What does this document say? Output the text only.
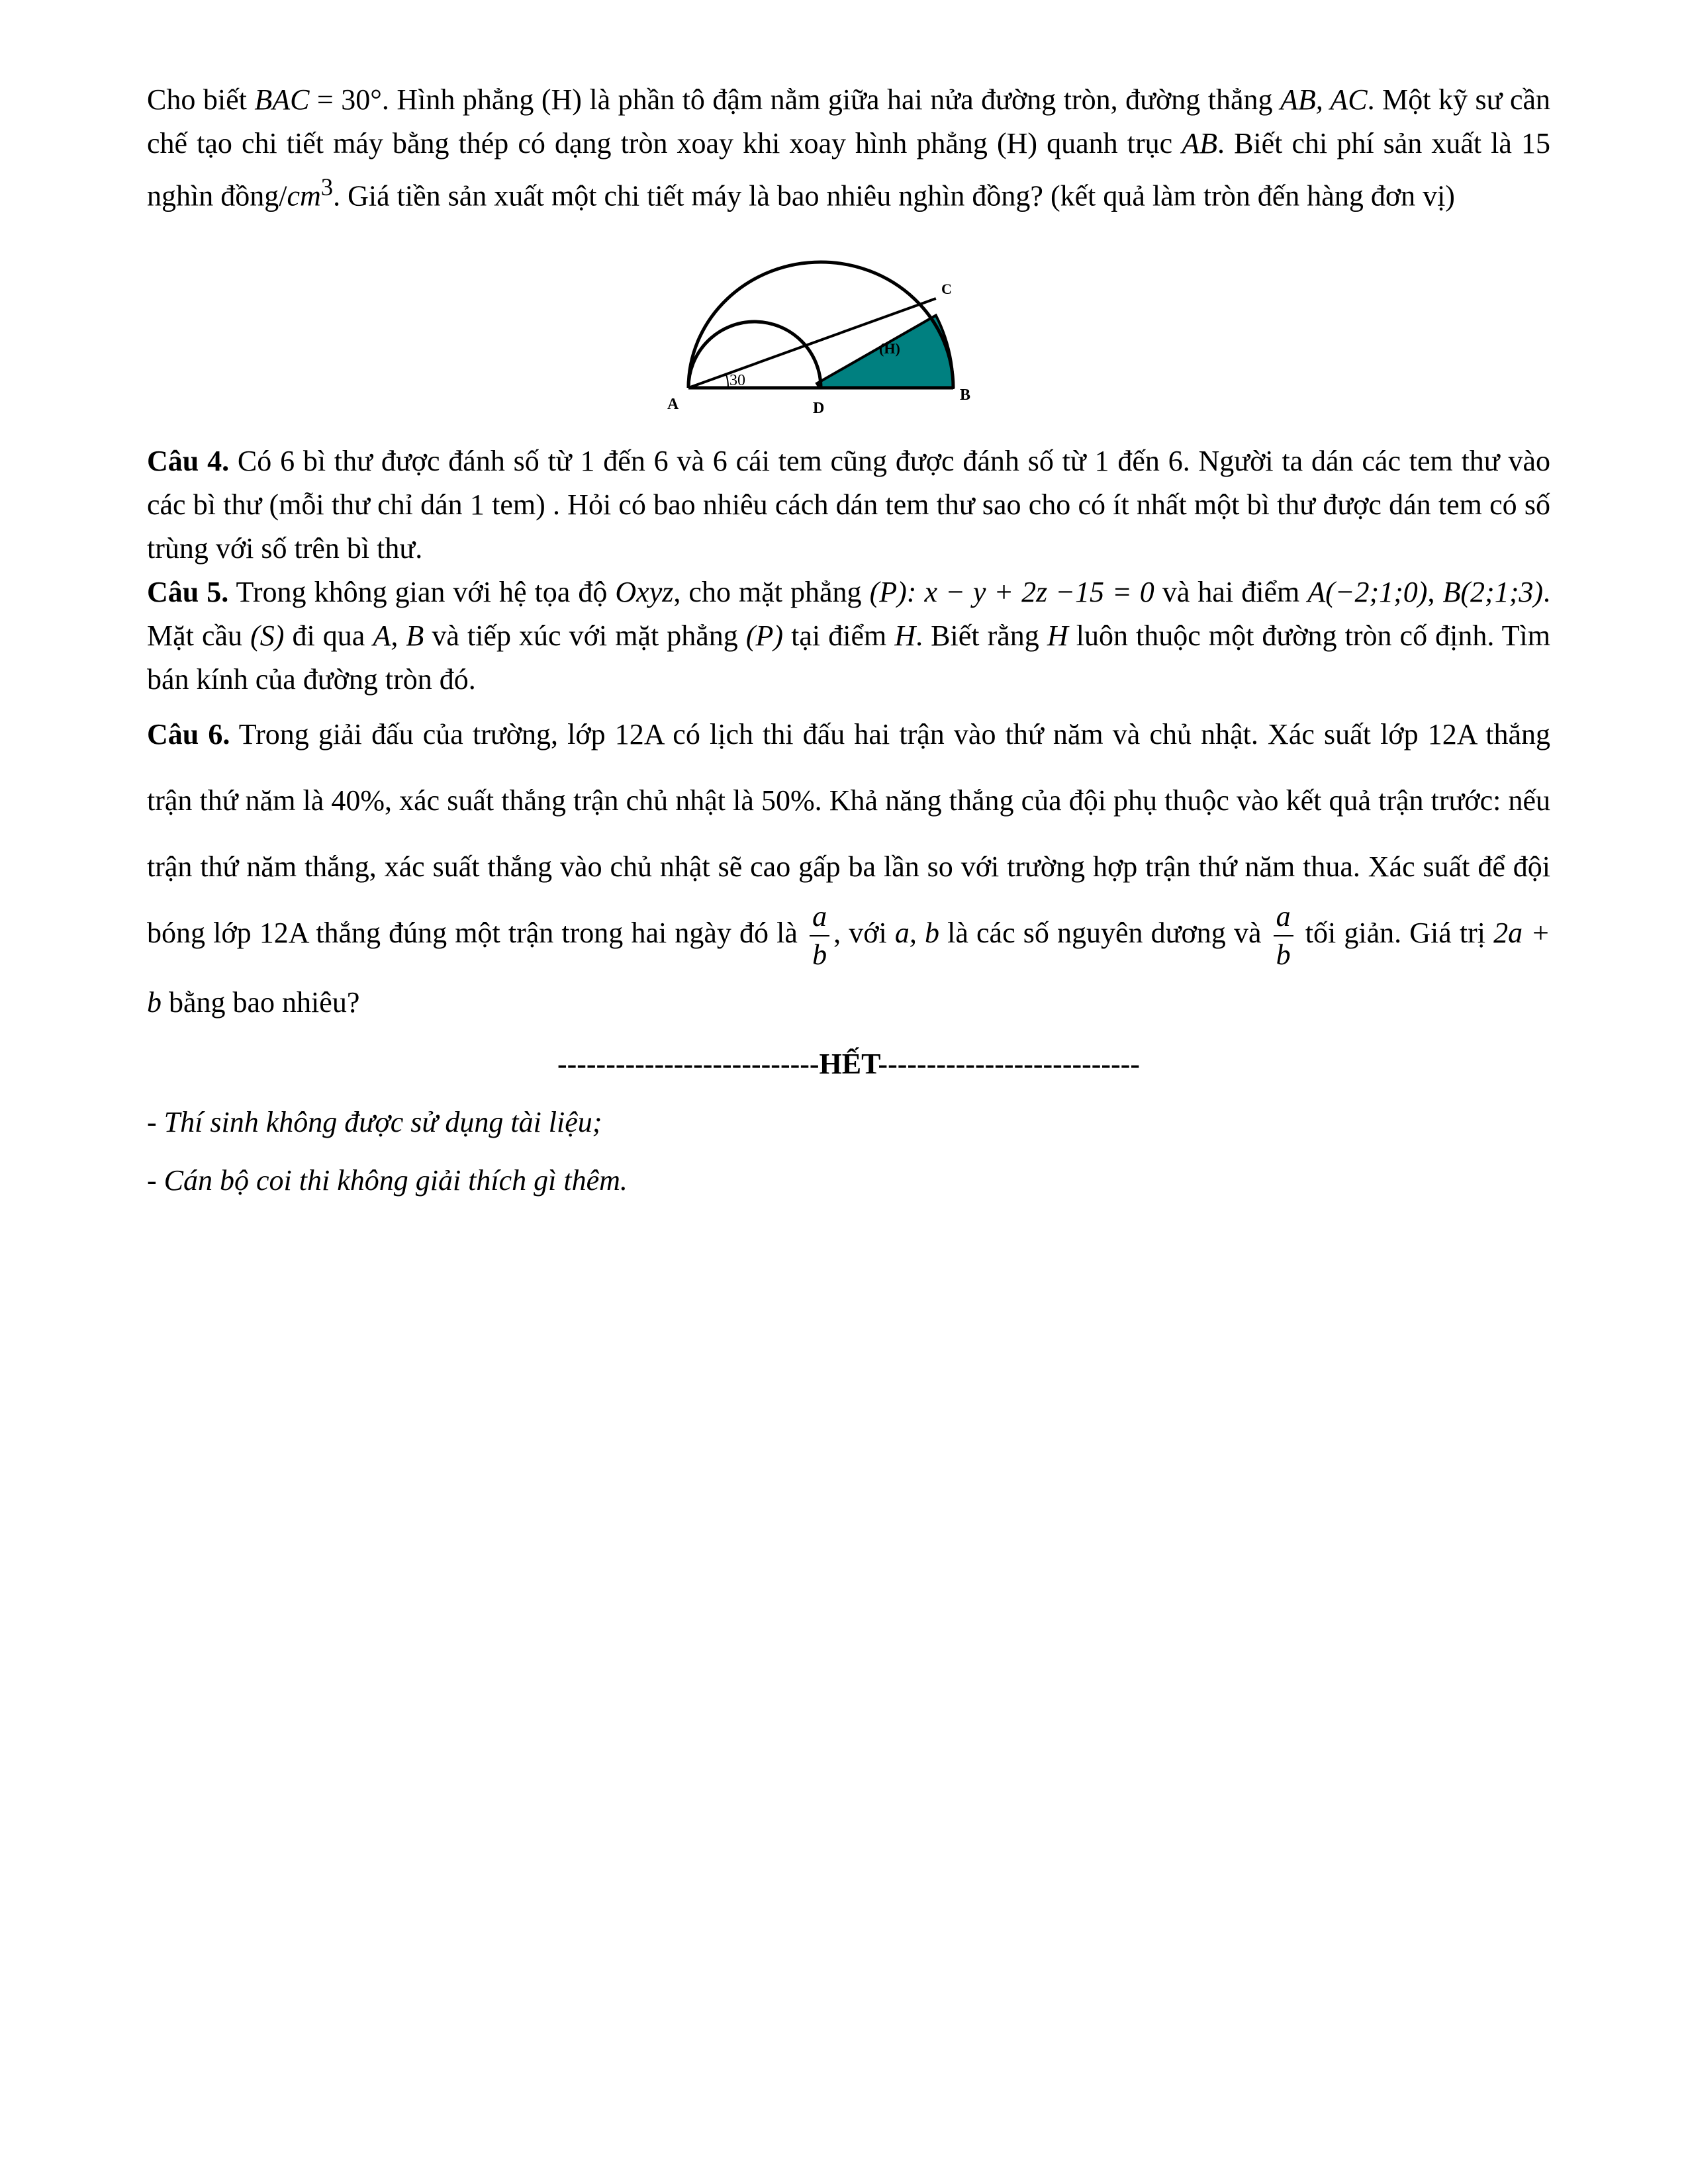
Cho biết BAC = 30°. Hình phẳng (H) là phần tô đậm nằm giữa hai nửa đường tròn, đường thẳng AB, AC. Một kỹ sư cần chế tạo chi tiết máy bằng thép có dạng tròn xoay khi xoay hình phẳng (H) quanh trục AB. Biết chi phí sản xuất là 15 nghìn đồng/$cm^3$. Giá tiền sản xuất một chi tiết máy là bao nhiêu nghìn đồng? (kết quả làm tròn đến hàng đơn vị)

A
B
C
D
(H)
30

Câu 4. Có 6 bì thư được đánh số từ 1 đến 6 và 6 cái tem cũng được đánh số từ 1 đến 6. Người ta dán các tem thư vào các bì thư (mỗi thư chỉ dán 1 tem) . Hỏi có bao nhiêu cách dán tem thư sao cho có ít nhất một bì thư được dán tem có số trùng với số trên bì thư.

Câu 5. Trong không gian với hệ tọa độ Oxyz, cho mặt phẳng (P): x − y + 2z −15 = 0 và hai điểm A(−2;1;0), B(2;1;3). Mặt cầu (S) đi qua A, B và tiếp xúc với mặt phẳng (P) tại điểm H. Biết rằng H luôn thuộc một đường tròn cố định. Tìm bán kính của đường tròn đó.

Câu 6. Trong giải đấu của trường, lớp 12A có lịch thi đấu hai trận vào thứ năm và chủ nhật. Xác suất lớp 12A thắng trận thứ năm là 40%, xác suất thắng trận chủ nhật là 50%. Khả năng thắng của đội phụ thuộc vào kết quả trận trước: nếu trận thứ năm thắng, xác suất thắng vào chủ nhật sẽ cao gấp ba lần so với trường hợp trận thứ năm thua. Xác suất để đội bóng lớp 12A thắng đúng một trận trong hai ngày đó là $\frac{a}{b}$ , với a, b là các số nguyên dương và $\frac{a}{b}$ tối giản. Giá trị 2a + b bằng bao nhiêu?

---------------------------HẾT---------------------------

- Thí sinh không được sử dụng tài liệu;

- Cán bộ coi thi không giải thích gì thêm.
